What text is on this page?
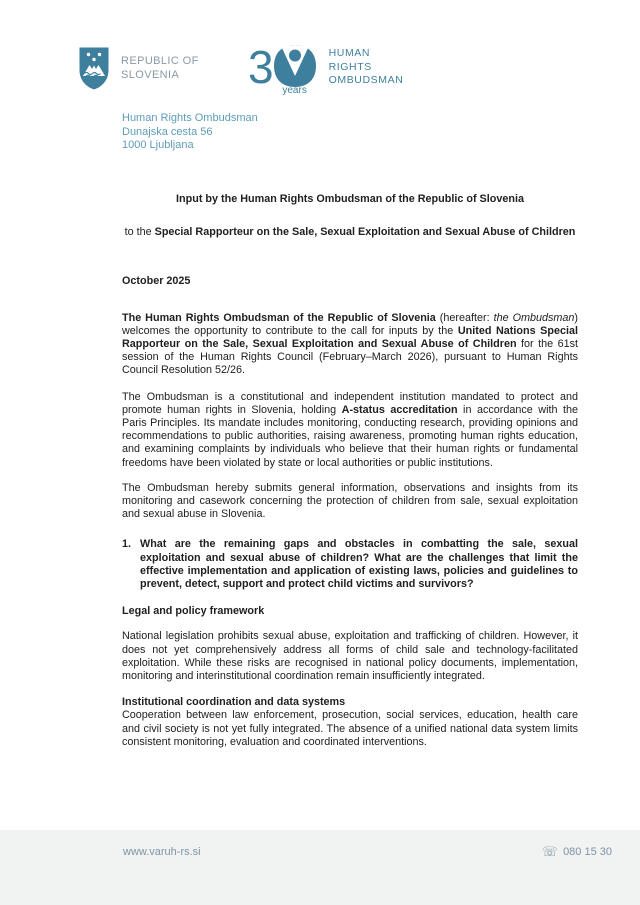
REPUBLIC OF
SLOVENIA	3 years
HUMAN
RIGHTS
OMBUDSMAN
Human Rights Ombudsman
Dunajska cesta 56
1000 Ljubljana
Input by the Human Rights Ombudsman of the Republic of Slovenia
to the Special Rapporteur on the Sale, Sexual Exploitation and Sexual Abuse of Children
October 2025
The Human Rights Ombudsman of the Republic of Slovenia (hereafter: the Ombudsman) welcomes the opportunity to contribute to the call for inputs by the United Nations Special Rapporteur on the Sale, Sexual Exploitation and Sexual Abuse of Children for the 61st session of the Human Rights Council (February–March 2026), pursuant to Human Rights Council Resolution 52/26.
The Ombudsman is a constitutional and independent institution mandated to protect and promote human rights in Slovenia, holding A-status accreditation in accordance with the Paris Principles. Its mandate includes monitoring, conducting research, providing opinions and recommendations to public authorities, raising awareness, promoting human rights education, and examining complaints by individuals who believe that their human rights or fundamental freedoms have been violated by state or local authorities or public institutions.
The Ombudsman hereby submits general information, observations and insights from its monitoring and casework concerning the protection of children from sale, sexual exploitation and sexual abuse in Slovenia.
1. What are the remaining gaps and obstacles in combatting the sale, sexual exploitation and sexual abuse of children? What are the challenges that limit the effective implementation and application of existing laws, policies and guidelines to prevent, detect, support and protect child victims and survivors?
Legal and policy framework
National legislation prohibits sexual abuse, exploitation and trafficking of children. However, it does not yet comprehensively address all forms of child sale and technology-facilitated exploitation. While these risks are recognised in national policy documents, implementation, monitoring and interinstitutional coordination remain insufficiently integrated.
Institutional coordination and data systems
Cooperation between law enforcement, prosecution, social services, education, health care and civil society is not yet fully integrated. The absence of a unified national data system limits consistent monitoring, evaluation and coordinated interventions.
www.varuh-rs.si	☏ 080 15 30
